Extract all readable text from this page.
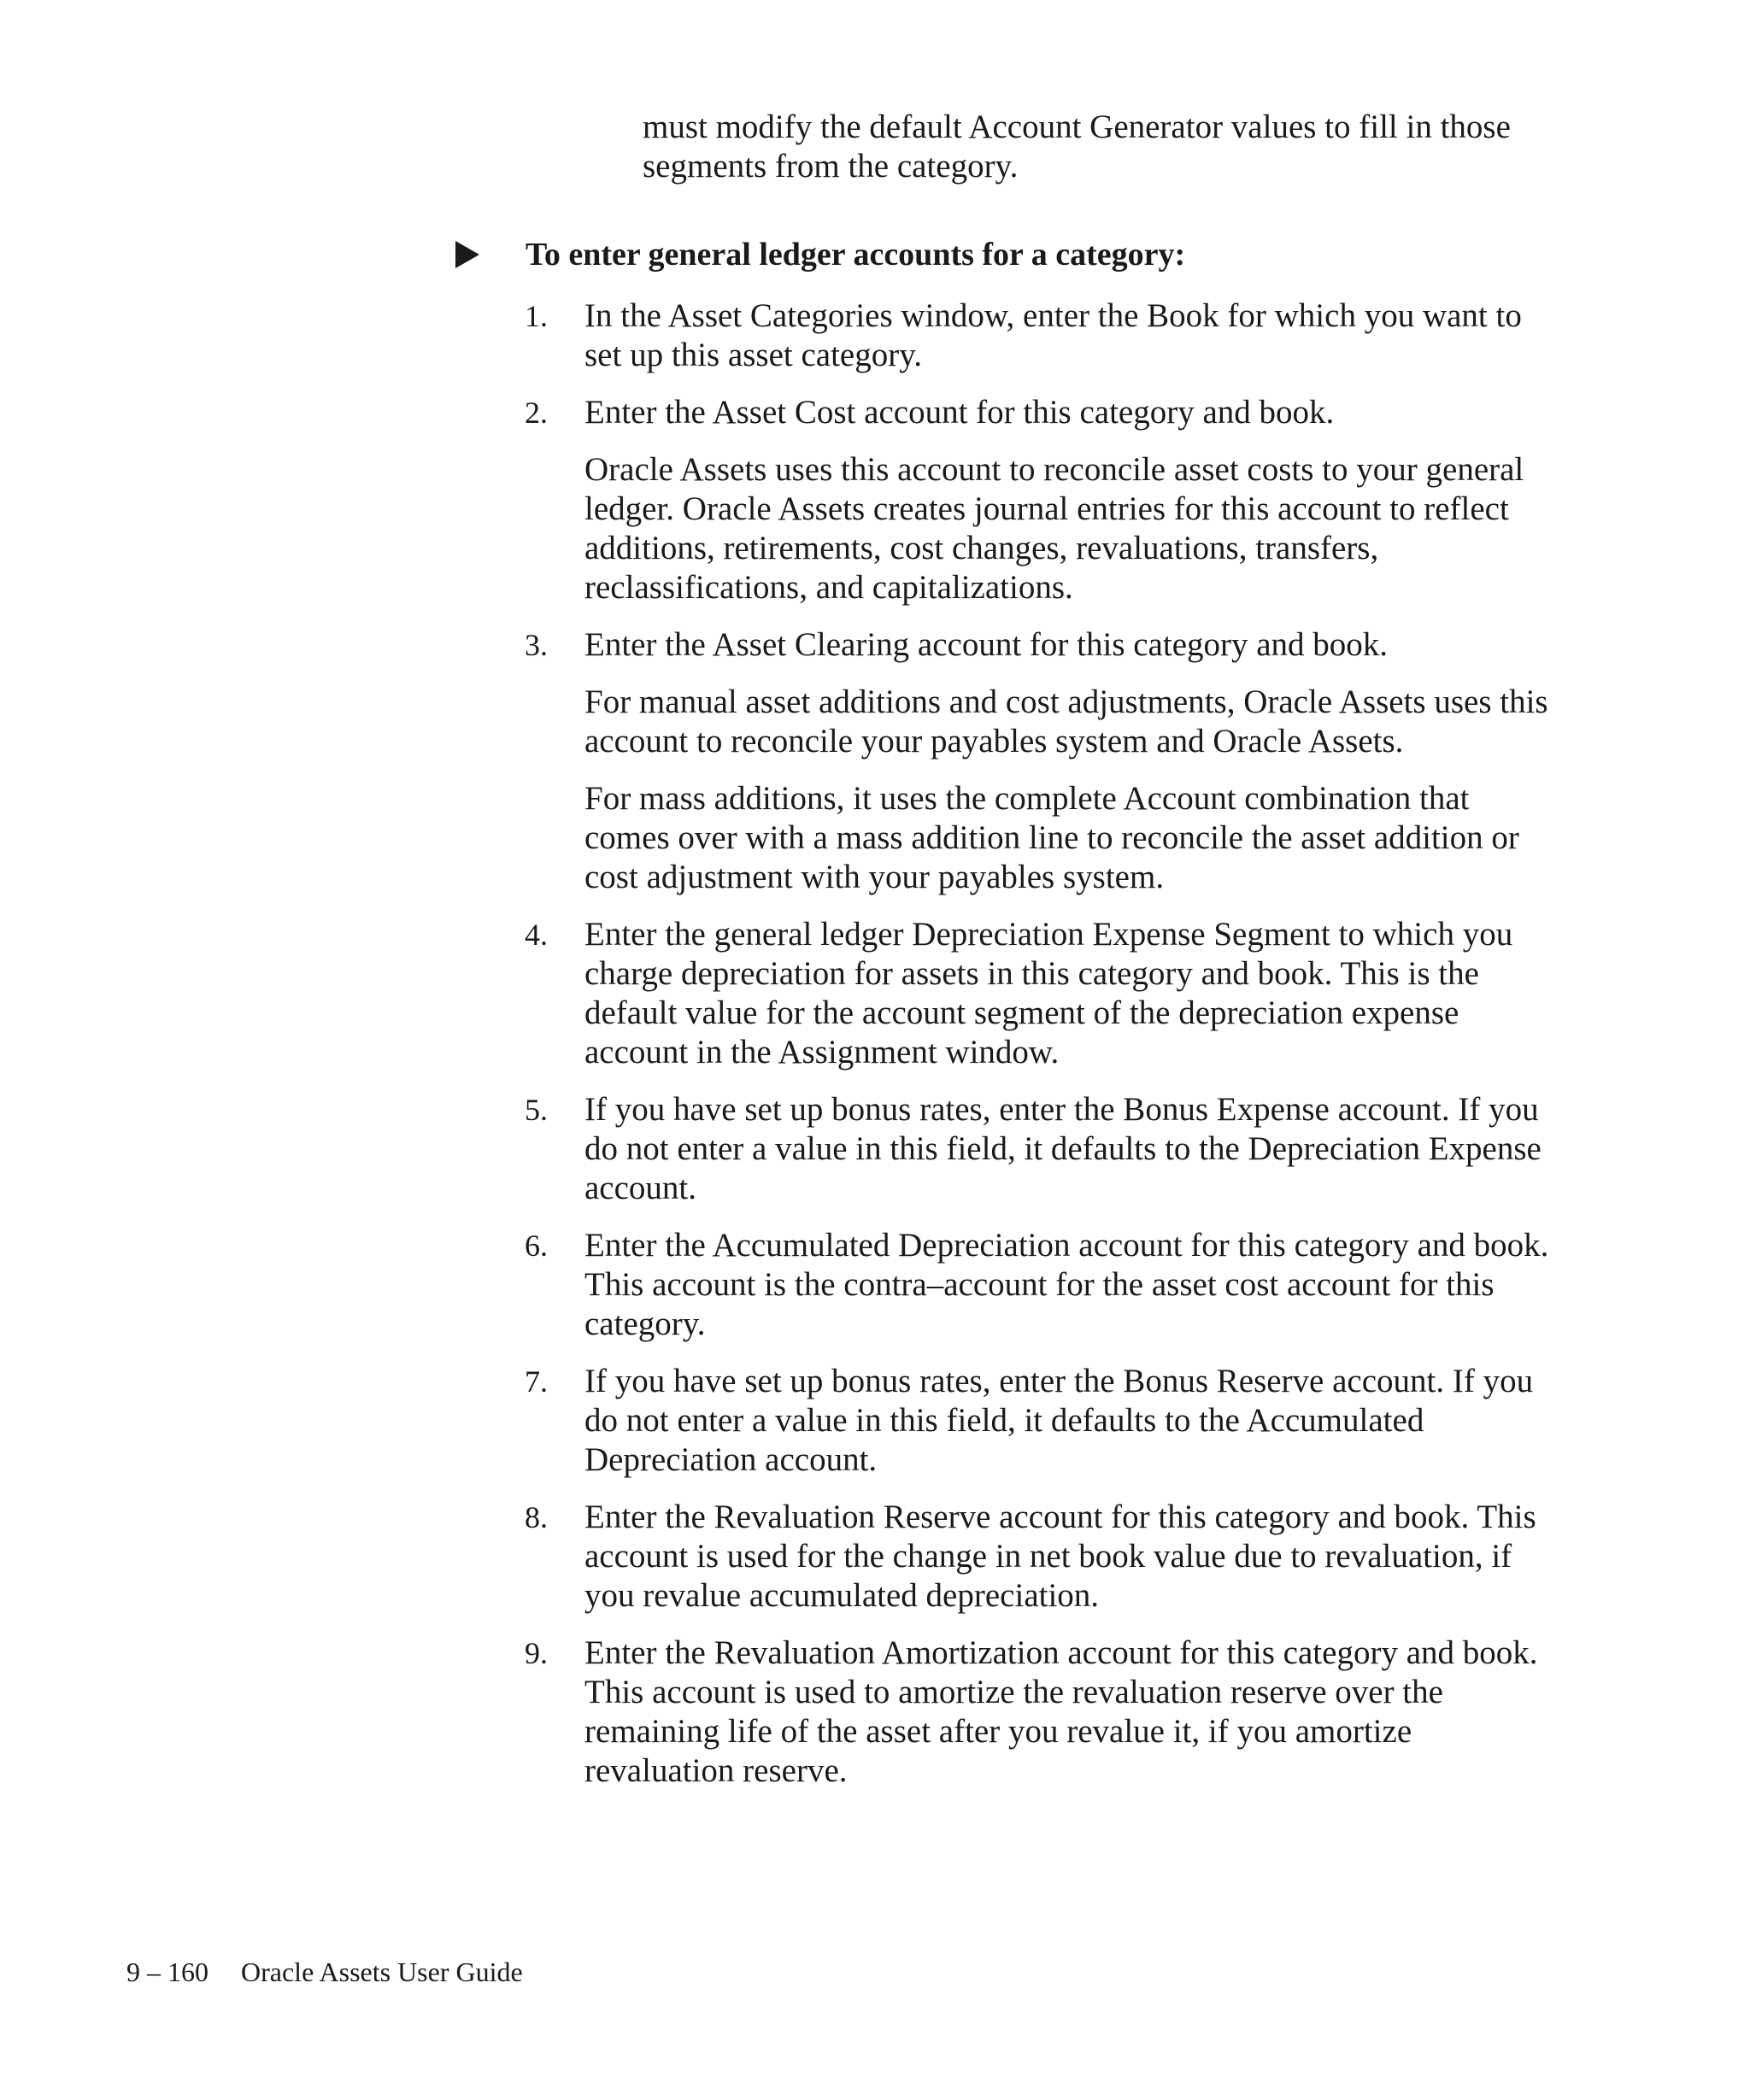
must modify the default Account Generator values to fill in those segments from the category.

To enter general ledger accounts for a category:
1. In the Asset Categories window, enter the Book for which you want to set up this asset category.

2. Enter the Asset Cost account for this category and book.

Oracle Assets uses this account to reconcile asset costs to your general ledger. Oracle Assets creates journal entries for this account to reflect additions, retirements, cost changes, revaluations, transfers, reclassifications, and capitalizations.

3. Enter the Asset Clearing account for this category and book.

For manual asset additions and cost adjustments, Oracle Assets uses this account to reconcile your payables system and Oracle Assets.

For mass additions, it uses the complete Account combination that comes over with a mass addition line to reconcile the asset addition or cost adjustment with your payables system.

4. Enter the general ledger Depreciation Expense Segment to which you charge depreciation for assets in this category and book. This is the default value for the account segment of the depreciation expense account in the Assignment window.

5. If you have set up bonus rates, enter the Bonus Expense account. If you do not enter a value in this field, it defaults to the Depreciation Expense account.

6. Enter the Accumulated Depreciation account for this category and book. This account is the contra–account for the asset cost account for this category.

7. If you have set up bonus rates, enter the Bonus Reserve account. If you do not enter a value in this field, it defaults to the Accumulated Depreciation account.

8. Enter the Revaluation Reserve account for this category and book. This account is used for the change in net book value due to revaluation, if you revalue accumulated depreciation.

9. Enter the Revaluation Amortization account for this category and book. This account is used to amortize the revaluation reserve over the remaining life of the asset after you revalue it, if you amortize revaluation reserve.

9 – 160 Oracle Assets User Guide
